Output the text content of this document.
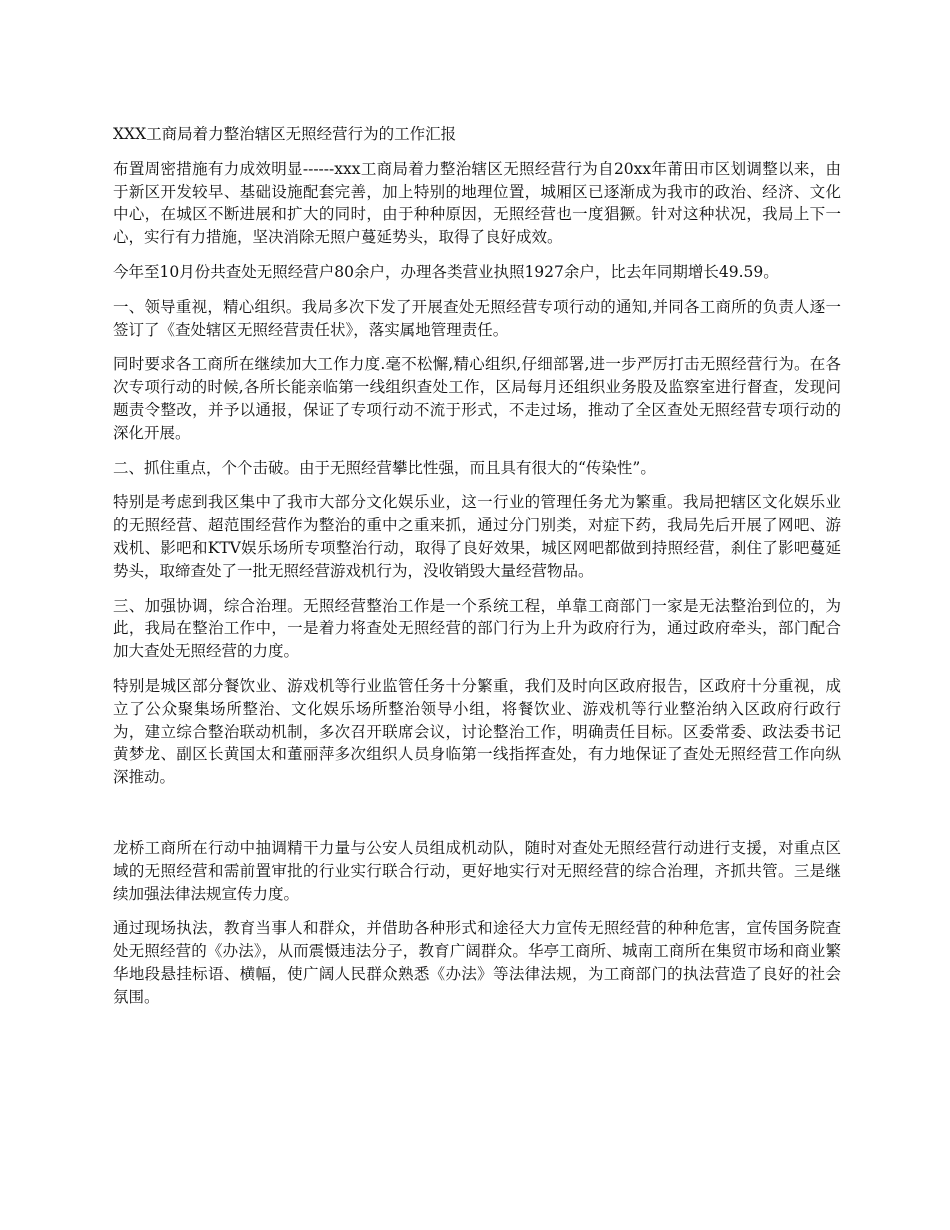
XXX工商局着力整治辖区无照经营行为的工作汇报

布置周密措施有力成效明显------xxx工商局着力整治辖区无照经营行为自20xx年莆田市区划调整以来，由于新区开发较早、基础设施配套完善，加上特别的地理位置，城厢区已逐渐成为我市的政治、经济、文化中心，在城区不断进展和扩大的同时，由于种种原因，无照经营也一度猖獗。针对这种状况，我局上下一心，实行有力措施，坚决消除无照户蔓延势头，取得了良好成效。

今年至10月份共查处无照经营户80余户，办理各类营业执照1927余户，比去年同期增长49.59。

一、领导重视，精心组织。我局多次下发了开展查处无照经营专项行动的通知,并同各工商所的负责人逐一签订了《查处辖区无照经营责任状》，落实属地管理责任。

同时要求各工商所在继续加大工作力度.毫不松懈,精心组织,仔细部署,进一步严厉打击无照经营行为。在各次专项行动的时候,各所长能亲临第一线组织查处工作，区局每月还组织业务股及监察室进行督查，发现问题责令整改，并予以通报，保证了专项行动不流于形式，不走过场，推动了全区查处无照经营专项行动的深化开展。

二、抓住重点，个个击破。由于无照经营攀比性强，而且具有很大的“传染性”。

特别是考虑到我区集中了我市大部分文化娱乐业，这一行业的管理任务尤为繁重。我局把辖区文化娱乐业的无照经营、超范围经营作为整治的重中之重来抓，通过分门别类，对症下药，我局先后开展了网吧、游戏机、影吧和KTV娱乐场所专项整治行动，取得了良好效果，城区网吧都做到持照经营，刹住了影吧蔓延势头，取缔查处了一批无照经营游戏机行为，没收销毁大量经营物品。

三、加强协调，综合治理。无照经营整治工作是一个系统工程，单靠工商部门一家是无法整治到位的，为此，我局在整治工作中，一是着力将查处无照经营的部门行为上升为政府行为，通过政府牵头，部门配合加大查处无照经营的力度。

特别是城区部分餐饮业、游戏机等行业监管任务十分繁重，我们及时向区政府报告，区政府十分重视，成立了公众聚集场所整治、文化娱乐场所整治领导小组，将餐饮业、游戏机等行业整治纳入区政府行政行为，建立综合整治联动机制，多次召开联席会议，讨论整治工作，明确责任目标。区委常委、政法委书记黄梦龙、副区长黄国太和董丽萍多次组织人员身临第一线指挥查处，有力地保证了查处无照经营工作向纵深推动。

龙桥工商所在行动中抽调精干力量与公安人员组成机动队，随时对查处无照经营行动进行支援，对重点区域的无照经营和需前置审批的行业实行联合行动，更好地实行对无照经营的综合治理，齐抓共管。三是继续加强法律法规宣传力度。

通过现场执法，教育当事人和群众，并借助各种形式和途径大力宣传无照经营的种种危害，宣传国务院查处无照经营的《办法》，从而震慑违法分子，教育广阔群众。华亭工商所、城南工商所在集贸市场和商业繁华地段悬挂标语、横幅，使广阔人民群众熟悉《办法》等法律法规，为工商部门的执法营造了良好的社会氛围。
